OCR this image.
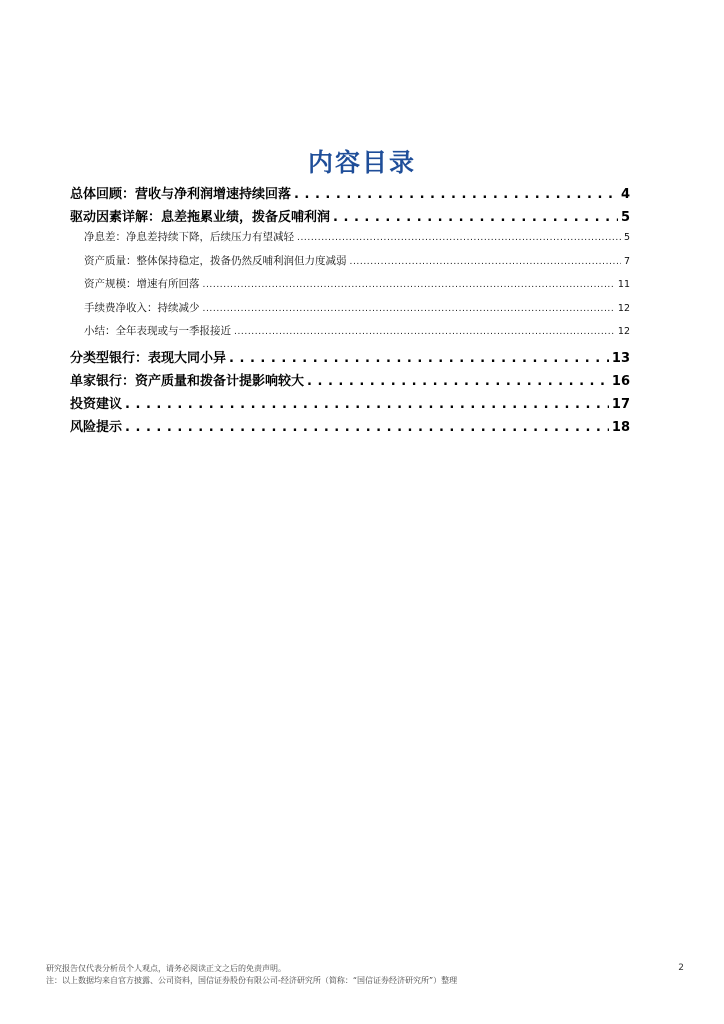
内容目录
总体回顾：营收与净利润增速持续回落 . . .	4
驱动因素详解：息差拖累业绩，拨备反哺利润 . . .	5
净息差：净息差持续下降，后续压力有望减轻 .....	5
资产质量：整体保持稳定，拨备仍然反哺利润但力度减弱 .....	7
资产规模：增速有所回落 .....	11
手续费净收入：持续减少 .....	12
小结：全年表现或与一季报接近 .....	12
分类型银行：表现大同小异 . . .	13
单家银行：资产质量和拨备计提影响较大 . . .	16
投资建议 . . .	17
风险提示 . . .	18
研究报告仅代表分析员个人观点，请务必阅读正文之后的免责声明。
注：以上数据均来自官方披露、公司资料，国信证券股份有限公司-经济研究所（简称：“国信证券经济研究所”）整理
2
